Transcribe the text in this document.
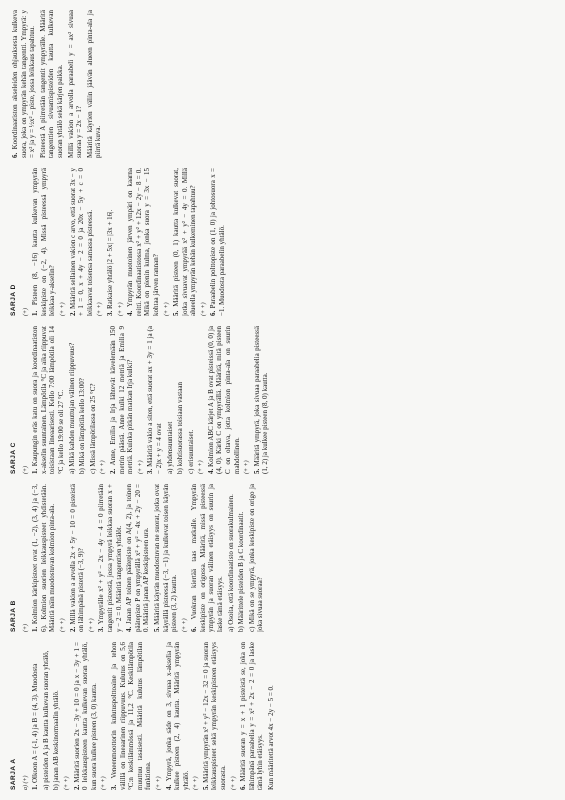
SARJA A a) (+) 1. Olkoon A = (-1, 4) ja B = (4, 3). Muodosta a) pisteiden A ja B kautta kulkevan suoran yhtälö, b) janan AB keskinormaalin yhtälö. (+ +) 2. Määritä suorien 2x − 3y + 10 = 0 ja x − 3y + 1 = 0 leikkauspisteen kautta kulkevan suoran yhtälö, kun suora kulkee pisteen (3, 0) kautta. (+ +) 3. Veneenmoottorin kulutuspolttoaine ja tehon välillä on lineaarinen riippuvuus. Kulutus on 5,6 °C:n keskilämmössä ja 11,2 °C. Keskilämpötila muuttuu tasaisesti. Määritä kulutus lämpötilan funktiona. (+ +) 4. Ympyrä, jonka säde on 3, sivuaa x-akselia ja kulkee pisteen (2, 4) kautta. Määritä ympyrän yhtälö. (+ +) 5. Määritä ympyrän x² + y² − 12x − 32 = 0 ja suoran leikkauspisteet sekä ympyrän keskipisteen etäisyys suorasta. (+ +) 6. Määritä suoran y = x + 1 pisteistä se, joka on lähimpänä paraabelia y = x² + 2x − 2 = 0 ja laske tämä lyhin etäisyys. Kun määritettä arvot 4x − 2y − 5 = 0.
SARJA B (+) 1. Kolmion kärkipisteet ovat (1, −2), (3, 4) ja (−3, 6). Kolmion suorien leikkauspisteet yhdistetään. Määritä näin muodostuvan kolmion pinta-ala. (+ +) 2. Millä vakion a arvolla 2x + 5y − 10 = 0 pisteistä on lähimpänä pistettä (−3, 9)? (+ +) 3. Ympyrälle x² + y² − 2x − 4y − 4 = 0 piirretään tangentit pisteestä, jossa ympyrä leikkaa suoran x + y − 2 = 0. Määritä tangenttien yhtälöt. 4. Janan AP toinen päätepiste on A(4, 2), ja toinen päätepiste P on ympyrällä x² + y² − 4x + 2y − 20 = 0. Määritä janan AP keskipisteen ura. 5. Määritä käyrän muodostuvan ne suorat, jotka ovat käyrällä pisteessä (−3, −1) ja kulkevat toisen käyrän pisteen (3, 2) kautta. (+ +) 6. Vuokran kiertää taas matkalle. Ympyrän keskipiste on origossa. Määritä, missä pisteessä ympyrän ja suoran välinen etäisyys on suurin ja laske tämä etäisyys. a) Osoita, että koordinaatisto on suorakulmainen. b) Määrittele pisteiden B ja C koordinaatit. c) Mikä on se ympyrä, jonka keskipiste on origo ja joka sivuaa suoraa?
SARJA C (+) 1. Kaupungin eräs katu on suora ja koordinaatiston x-akselin suuntainen. Lämpötila °C ja aika riippuvat toisistaan lineaarisesti. Kello 7:00 lämpötila oli 14 °C ja kello 19:00 se oli 27 °C. a) Mikä kahden muuttujan välinen riippuvuus? b) Mikä on lämpötila kello 13:00? c) Missä lämpötilassa on 25 °C? (+ +) 2. Anne, Emilia ja Irja lähtevät kävelemään 150 metrin päästä. Anne kulki 12 metriä ja Emilia 9 metriä. Kuinka pitkän matkan Irja kulki? (+ +) 3. Määritä vakio a siten, että suorat ax + 3y = 1 ja (a − 2)x + y = 4 ovat a) yhdensuuntaiset b) kohtisuorassa toisiaan vastaan c) erisuuntaiset. (+ +) 4. Kolmion ABC kärjet A ja B ovat pisteissä (0, 0) ja (4, 0). Kärki C on ympyrällä. Määritä, mitä pisteen C on oltava, jotta kolmion pinta-ala on suurin mahdollinen. (+ +) 5. Määritä ympyrä, joka sivuaa paraabelia pisteessä (1, 2) ja kulkee pisteen (8, 0) kautta.
SARJA D (+) 1. Pisteen (8, −16) kautta kulkevan ympyrän keskipiste on (−2, 4). Missä pisteessä ympyrä leikkaa y-akselin? (+ +) 2. Määritä sellainen vakion c arvo, että suorat 3x − y + 1 = 0, x + 4y − 2 = 0 ja 20x − 5y + c = 0 leikkaavat toisensa samassa pisteessä. (+ +) 3. Ratkaise yhtälö |2 + 5x| = |3x + 16|.
(+ +) 4. Ympyrän muotoinen järven ympäri on kaarna reitti. Koordinaatistossa x² + y² + 12x − 2y − 8 = 0. Mikä on pienin kulma, jonka suora y = 3x − 15 kohtaa järven rannan? (+ +) 5. Määritä pisteen (0, 1) kautta kulkevat suorat, jotka sivuavat ympyrää x² + y² − 4y = 0. Millä alueella ympyrän kehän kulkeminen tapahtuu? (+ +) 6. Paraabelin polttopiste on (1, 0) ja johtosuora x = −1. Muodosta paraabelin yhtälö.
6. Koordinaatiston akseleiden ohjauksesta kulkeva suora, joka on ympyrän kehän tangentti. Ympyrä: y = x² ja y = ½x² – piste, jossa leikkaus tapahtuu. Pisteestä A piirretään tangentit ympyrälle. Määritä tangenttien sivuamispisteiden kautta kulkevan suoran yhtälö sekä kärjen paikka. Millä vakion a arvolla paraabeli y = ax² sivuaa suoraa y = 2x − 1? Määritä käyrien väliin jäävän alueen pinta-ala ja piirrä kuva.
